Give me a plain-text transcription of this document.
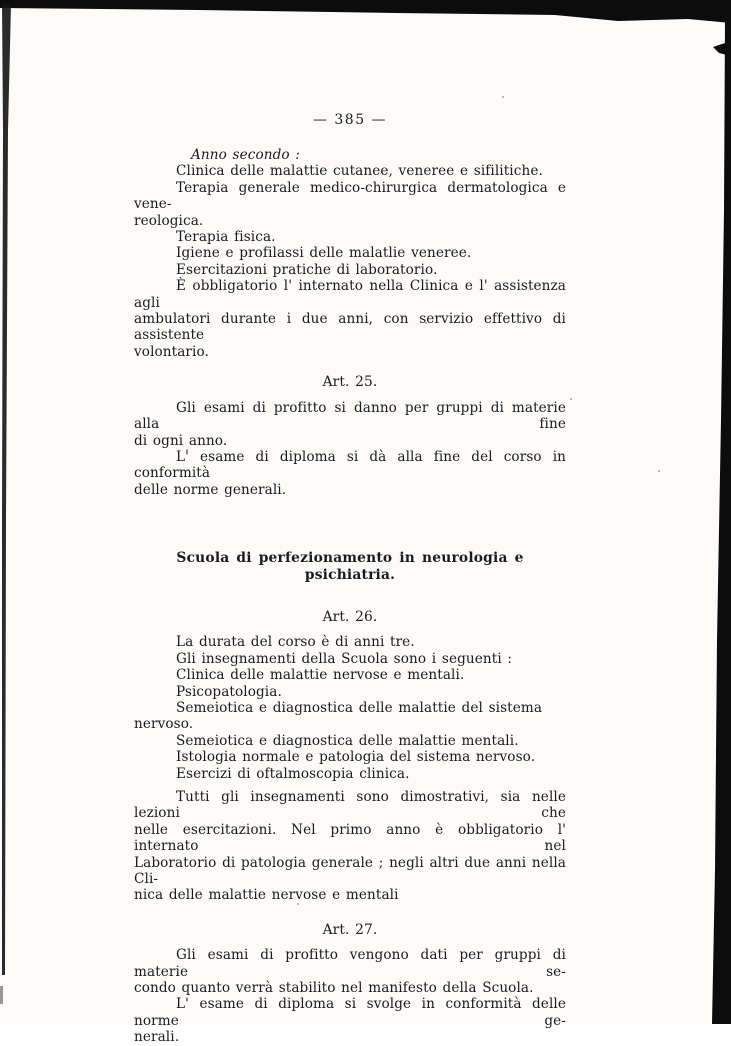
— 385 —

Anno secondo :

Clinica delle malattie cutanee, veneree e sifilitiche.

Terapia generale medico-chirurgica dermatologica e vene-

reologica.

Terapia fisica.

Igiene e profilassi delle malatlie veneree.

Esercitazioni pratiche di laboratorio.

È obbligatorio l' internato nella Clinica e l' assistenza agli

ambulatori durante i due anni, con servizio effettivo di assistente

volontario.

Art. 25.

Gli esami di profitto si danno per gruppi di materie alla fine

di ogni anno.

L' esame di diploma si dà alla fine del corso in conformità

delle norme generali.

Scuola di perfezionamento in neurologia e psichiatria.

Art. 26.

La durata del corso è di anni tre.

Gli insegnamenti della Scuola sono i seguenti :

Clinica delle malattie nervose e mentali.

Psicopatologia.

Semeiotica e diagnostica delle malattie del sistema nervoso.

Semeiotica e diagnostica delle malattie mentali.

Istologia normale e patologia del sistema nervoso.

Esercizi di oftalmoscopia clinica.

Tutti gli insegnamenti sono dimostrativi, sia nelle lezioni che

nelle esercitazioni. Nel primo anno è obbligatorio l' internato nel

Laboratorio di patologia generale ; negli altri due anni nella Cli-

nica delle malattie nervose e mentali

Art. 27.

Gli esami di profitto vengono dati per gruppi di materie se-

condo quanto verrà stabilito nel manifesto della Scuola.

L' esame di diploma si svolge in conformità delle norme ge-

nerali.
